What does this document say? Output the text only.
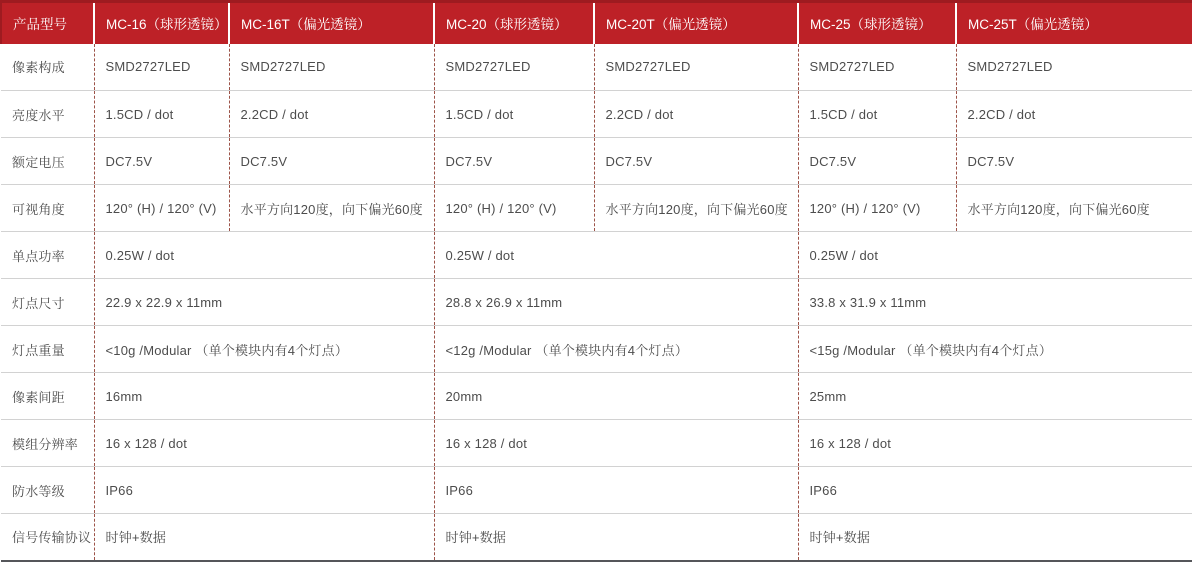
产品型号	MC-16（球形透镜）	MC-16T（偏光透镜）	MC-20（球形透镜）	MC-20T（偏光透镜）	MC-25（球形透镜）	MC-25T（偏光透镜）
像素构成	SMD2727LED	SMD2727LED	SMD2727LED	SMD2727LED	SMD2727LED	SMD2727LED
亮度水平	1.5CD / dot	2.2CD / dot	1.5CD / dot	2.2CD / dot	1.5CD / dot	2.2CD / dot
额定电压	DC7.5V	DC7.5V	DC7.5V	DC7.5V	DC7.5V	DC7.5V
可视角度	120° (H) / 120° (V)	水平方向120度，向下偏光60度	120° (H) / 120° (V)	水平方向120度，向下偏光60度	120° (H) / 120° (V)	水平方向120度，向下偏光60度
单点功率	0.25W / dot		0.25W / dot		0.25W / dot	
灯点尺寸	22.9 x 22.9 x 11mm		28.8 x 26.9 x 11mm		33.8 x 31.9 x 11mm	
灯点重量	<10g /Modular （单个模块内有4个灯点）		<12g /Modular （单个模块内有4个灯点）		<15g /Modular （单个模块内有4个灯点）	
像素间距	16mm		20mm		25mm	
模组分辨率	16 x 128 / dot		16 x 128 / dot		16 x 128 / dot	
防水等级	IP66		IP66		IP66	
信号传输协议	时钟+数据		时钟+数据		时钟+数据	
